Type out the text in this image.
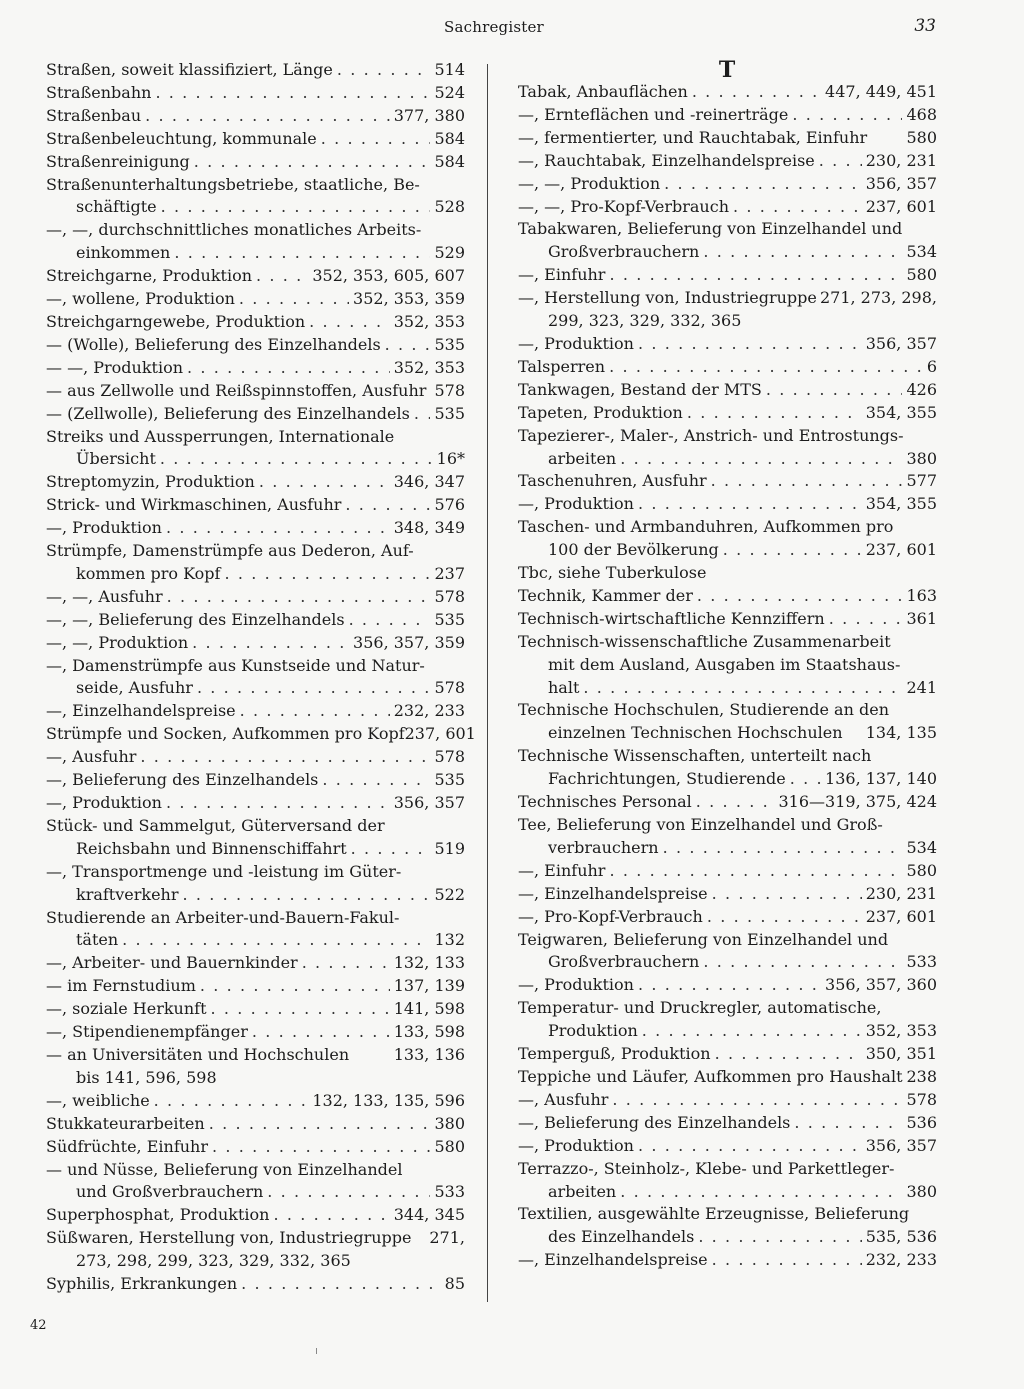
Sachregister	33
Straßen, soweit klassifiziert, Länge . . .	514
Straßenbahn . . .	524
Straßenbau . . .	377, 380
Straßenbeleuchtung, kommunale . . .	584
Straßenreinigung . . .	584
Straßenunterhaltungsbetriebe, staatliche, Be-
schäftigte . . .	528
—, —, durchschnittliches monatliches Arbeits-
einkommen . . .	529
Streichgarne, Produktion . . .	352, 353, 605, 607
—, wollene, Produktion . . .	352, 353, 359
Streichgarngewebe, Produktion . . .	352, 353
— (Wolle), Belieferung des Einzelhandels . . .	535
— —, Produktion . . .	352, 353
— aus Zellwolle und Reißspinnstoffen, Ausfuhr . . . 578
— (Zellwolle), Belieferung des Einzelhandels . . . 535
Streiks und Aussperrungen, Internationale
Übersicht . . .	16*
Streptomyzin, Produktion . . .	346, 347
Strick- und Wirkmaschinen, Ausfuhr . . .	576
—, Produktion . . .	348, 349
Strümpfe, Damenstrümpfe aus Dederon, Auf-
kommen pro Kopf . . .	237
—, —, Ausfuhr . . .	578
—, —, Belieferung des Einzelhandels . . .	535
—, —, Produktion . . .	356, 357, 359
—, Damenstrümpfe aus Kunstseide und Natur-
seide, Ausfuhr . . .	578
—, Einzelhandelspreise . . .	232, 233
Strümpfe und Socken, Aufkommen pro Kopf 237, 601
—, Ausfuhr . . .	578
—, Belieferung des Einzelhandels . . .	535
—, Produktion . . .	356, 357
Stück- und Sammelgut, Güterversand der
Reichsbahn und Binnenschiffahrt . . .	519
—, Transportmenge und -leistung im Güter-
kraftverkehr . . .	522
Studierende an Arbeiter-und-Bauern-Fakul-
täten . . .	132
—, Arbeiter- und Bauernkinder . . .	132, 133
— im Fernstudium . . .	137, 139
—, soziale Herkunft . . .	141, 598
—, Stipendienempfänger . . .	133, 598
— an Universitäten und Hochschulen	133, 136
bis 141, 596, 598
—, weibliche . . .	132, 133, 135, 596
Stukkateurarbeiten . . .	380
Südfrüchte, Einfuhr . . .	580
— und Nüsse, Belieferung von Einzelhandel
und Großverbrauchern . . .	533
Superphosphat, Produktion . . .	344, 345
Süßwaren, Herstellung von, Industriegruppe	271,
273, 298, 299, 323, 329, 332, 365
Syphilis, Erkrankungen . . .	85
T
Tabak, Anbauflächen . . .	447, 449, 451
—, Ernteflächen und -reinerträge . . .	468
—, fermentierter, und Rauchtabak, Einfuhr	580
—, Rauchtabak, Einzelhandelspreise . . .	230, 231
—, —, Produktion . . .	356, 357
—, —, Pro-Kopf-Verbrauch . . .	237, 601
Tabakwaren, Belieferung von Einzelhandel und
Großverbrauchern . . .	534
—, Einfuhr . . .	580
—, Herstellung von, Industriegruppe 271, 273, 298,
299, 323, 329, 332, 365
—, Produktion . . .	356, 357
Talsperren . . .	6
Tankwagen, Bestand der MTS . . .	426
Tapeten, Produktion . . .	354, 355
Tapezierer-, Maler-, Anstrich- und Entrostungs-
arbeiten . . .	380
Taschenuhren, Ausfuhr . . .	577
—, Produktion . . .	354, 355
Taschen- und Armbanduhren, Aufkommen pro
100 der Bevölkerung . . .	237, 601
Tbc, siehe Tuberkulose
Technik, Kammer der . . .	163
Technisch-wirtschaftliche Kennziffern . . .	361
Technisch-wissenschaftliche Zusammenarbeit
mit dem Ausland, Ausgaben im Staatshaus-
halt . . .	241
Technische Hochschulen, Studierende an den
einzelnen Technischen Hochschulen	134, 135
Technische Wissenschaften, unterteilt nach
Fachrichtungen, Studierende . . . 136, 137, 140
Technisches Personal . . .	316—319, 375, 424
Tee, Belieferung von Einzelhandel und Groß-
verbrauchern . . .	534
—, Einfuhr . . .	580
—, Einzelhandelspreise . . .	230, 231
—, Pro-Kopf-Verbrauch . . .	237, 601
Teigwaren, Belieferung von Einzelhandel und
Großverbrauchern . . .	533
—, Produktion . . .	356, 357, 360
Temperatur- und Druckregler, automatische,
Produktion . . .	352, 353
Temperguß, Produktion . . .	350, 351
Teppiche und Läufer, Aufkommen pro Haushalt 238
—, Ausfuhr . . .	578
—, Belieferung des Einzelhandels . . .	536
—, Produktion . . .	356, 357
Terrazzo-, Steinholz-, Klebe- und Parkettleger-
arbeiten . . .	380
Textilien, ausgewählte Erzeugnisse, Belieferung
des Einzelhandels . . .	535, 536
—, Einzelhandelspreise . . .	232, 233
42
